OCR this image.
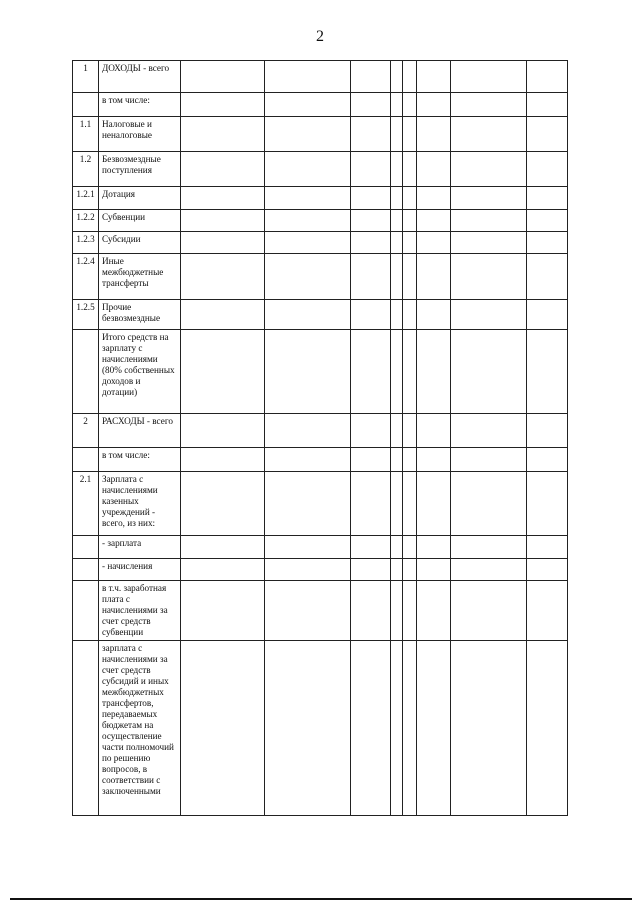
2
1	ДОХОДЫ - всего								
	в том числе:								
1.1	Налоговые и неналоговые								
1.2	Безвозмездные поступления								
1.2.1	Дотация								
1.2.2	Субвенции								
1.2.3	Субсидии								
1.2.4	Иные межбюджетные трансферты								
1.2.5	Прочие безвозмездные								
	Итого средств на зарплату с начислениями (80% собственных доходов и дотации)								
2	РАСХОДЫ - всего								
	в том числе:								
2.1	Зарплата с начислениями казенных учреждений - всего, из них:								
	- зарплата								
	- начисления								
	в т.ч. заработная плата с начислениями за счет средств субвенции								
	зарплата с начислениями за счет средств субсидий и иных межбюджетных трансфертов, передаваемых бюджетам на осуществление части полномочий по решению вопросов, в соответствии с заключенными								
